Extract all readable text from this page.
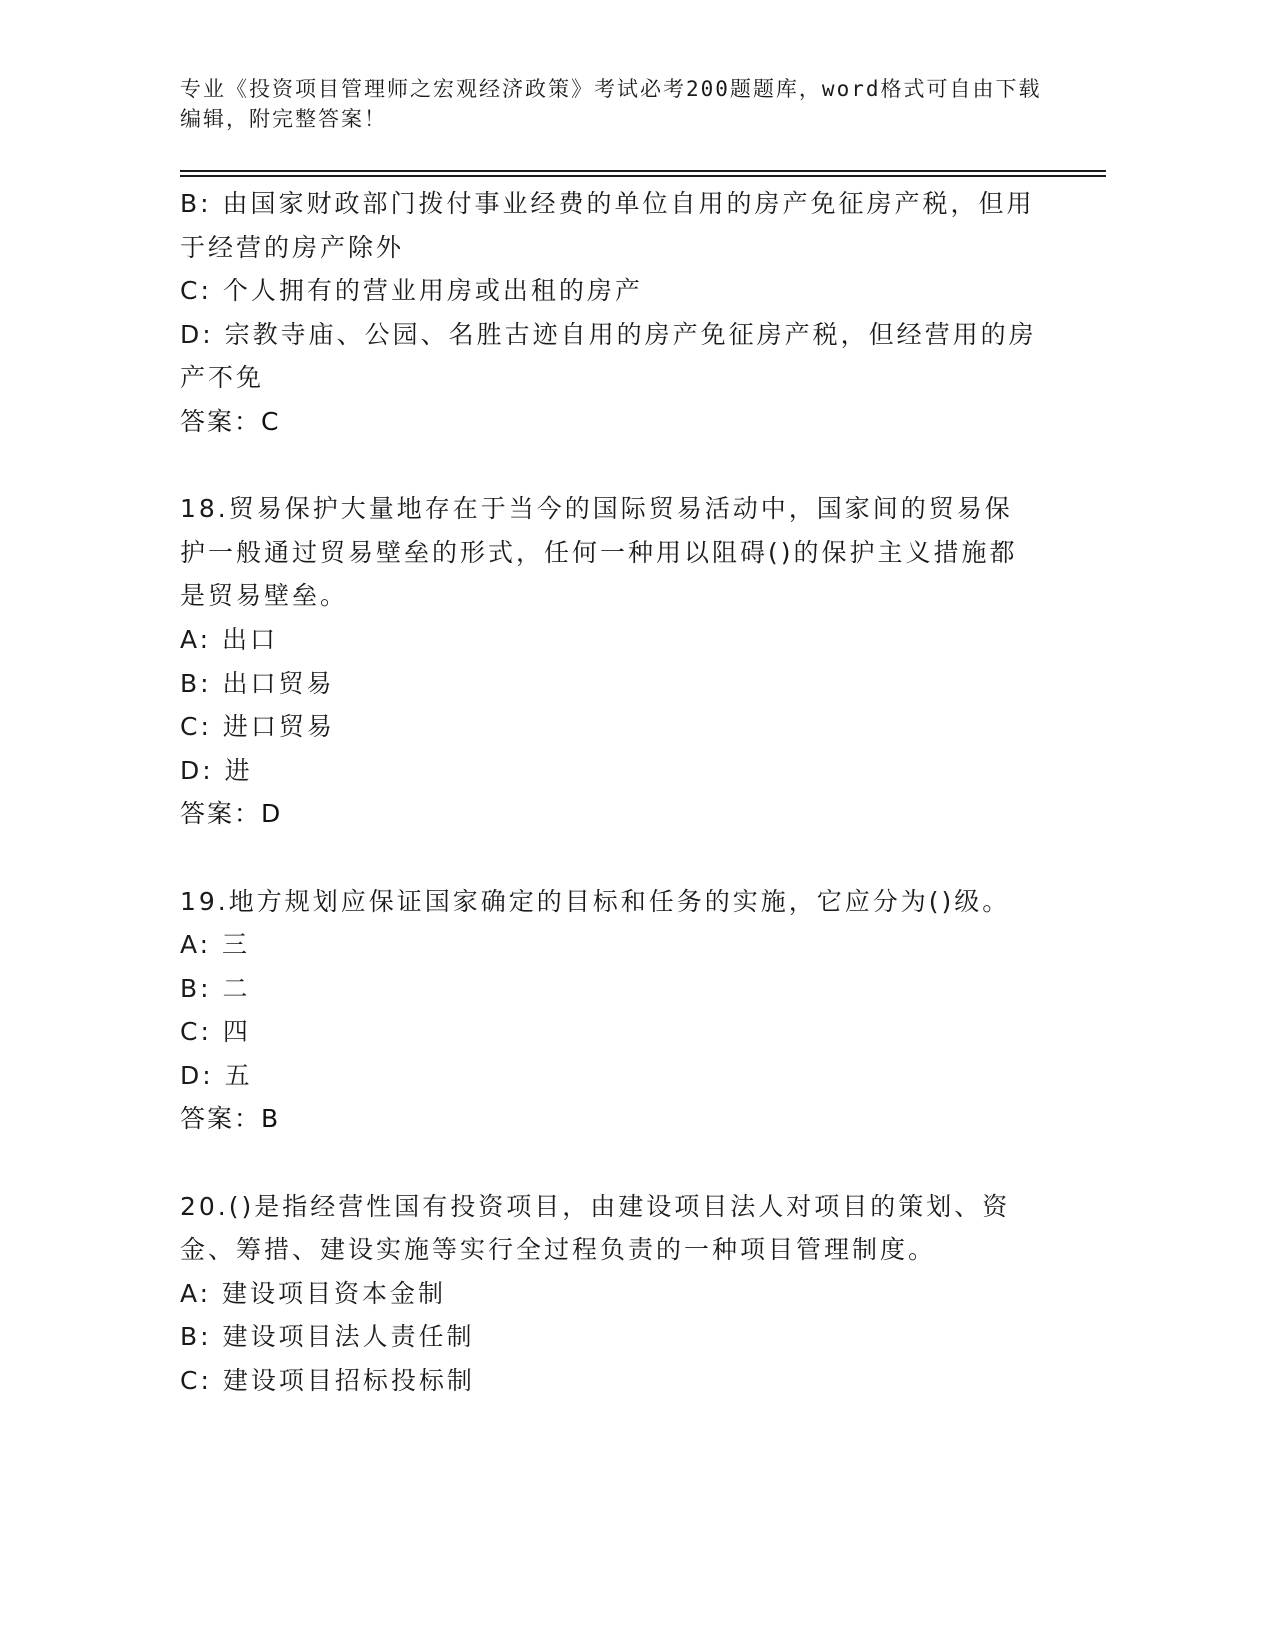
专业《投资项目管理师之宏观经济政策》考试必考200题题库，word格式可自由下载编辑，附完整答案！

B: 由国家财政部门拨付事业经费的单位自用的房产免征房产税，但用于经营的房产除外

C: 个人拥有的营业用房或出租的房产

D: 宗教寺庙、公园、名胜古迹自用的房产免征房产税，但经营用的房产不免

答案：C

18.贸易保护大量地存在于当今的国际贸易活动中，国家间的贸易保护一般通过贸易壁垒的形式，任何一种用以阻碍()的保护主义措施都是贸易壁垒。

A: 出口

B: 出口贸易

C: 进口贸易

D: 进

答案：D

19.地方规划应保证国家确定的目标和任务的实施，它应分为()级。

A: 三

B: 二

C: 四

D: 五

答案：B

20.()是指经营性国有投资项目，由建设项目法人对项目的策划、资金、筹措、建设实施等实行全过程负责的一种项目管理制度。

A: 建设项目资本金制

B: 建设项目法人责任制

C: 建设项目招标投标制
